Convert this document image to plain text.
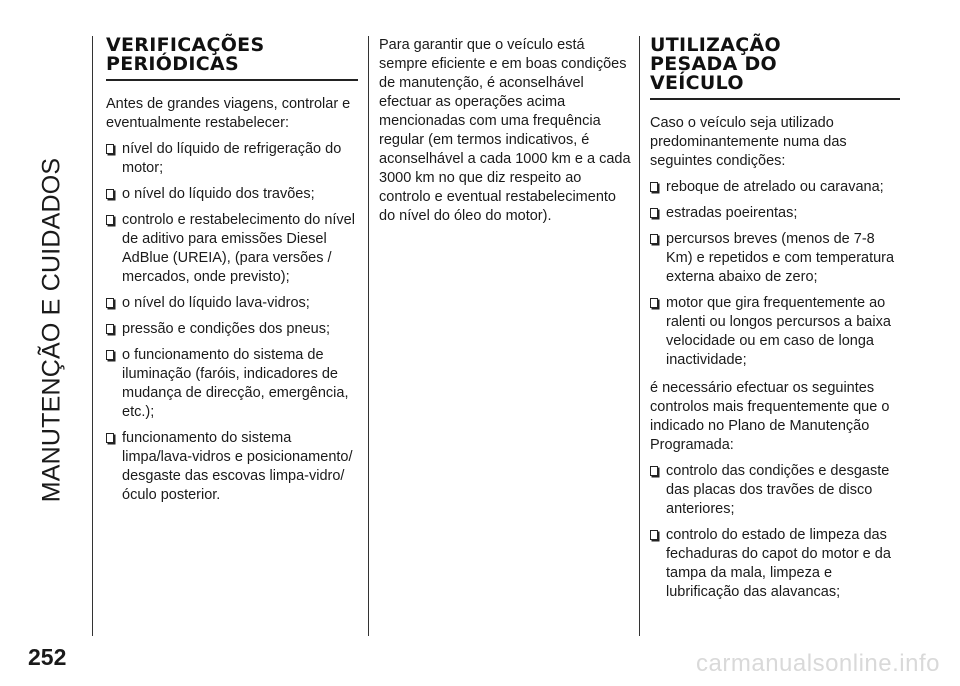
MANUTENÇÃO E CUIDADOS
252
VERIFICAÇÕES
PERIÓDICAS

Antes de grandes viagens, controlar e eventualmente restabelecer:

nível do líquido de refrigeração do motor;
o nível do líquido dos travões;
controlo e restabelecimento do nível de aditivo para emissões Diesel AdBlue (UREIA), (para versões / mercados, onde previsto);
o nível do líquido lava-vidros;
pressão e condições dos pneus;
o funcionamento do sistema de iluminação (faróis, indicadores de mudança de direcção, emergência, etc.);
funcionamento do sistema limpa/lava-vidros e posicionamento/ desgaste das escovas limpa-vidro/ óculo posterior.

Para garantir que o veículo está sempre eficiente e em boas condições de manutenção, é aconselhável efectuar as operações acima mencionadas com uma frequência regular (em termos indicativos, é aconselhável a cada 1000 km e a cada 3000 km no que diz respeito ao controlo e eventual restabelecimento do nível do óleo do motor).

UTILIZAÇÃO
PESADA DO
VEÍCULO

Caso o veículo seja utilizado predominantemente numa das seguintes condições:

reboque de atrelado ou caravana;
estradas poeirentas;
percursos breves (menos de 7-8 Km) e repetidos e com temperatura externa abaixo de zero;
motor que gira frequentemente ao ralenti ou longos percursos a baixa velocidade ou em caso de longa inactividade;

é necessário efectuar os seguintes controlos mais frequentemente que o indicado no Plano de Manutenção Programada:

controlo das condições e desgaste das placas dos travões de disco anteriores;
controlo do estado de limpeza das fechaduras do capot do motor e da tampa da mala, limpeza e lubrificação das alavancas;
carmanualsonline.info
